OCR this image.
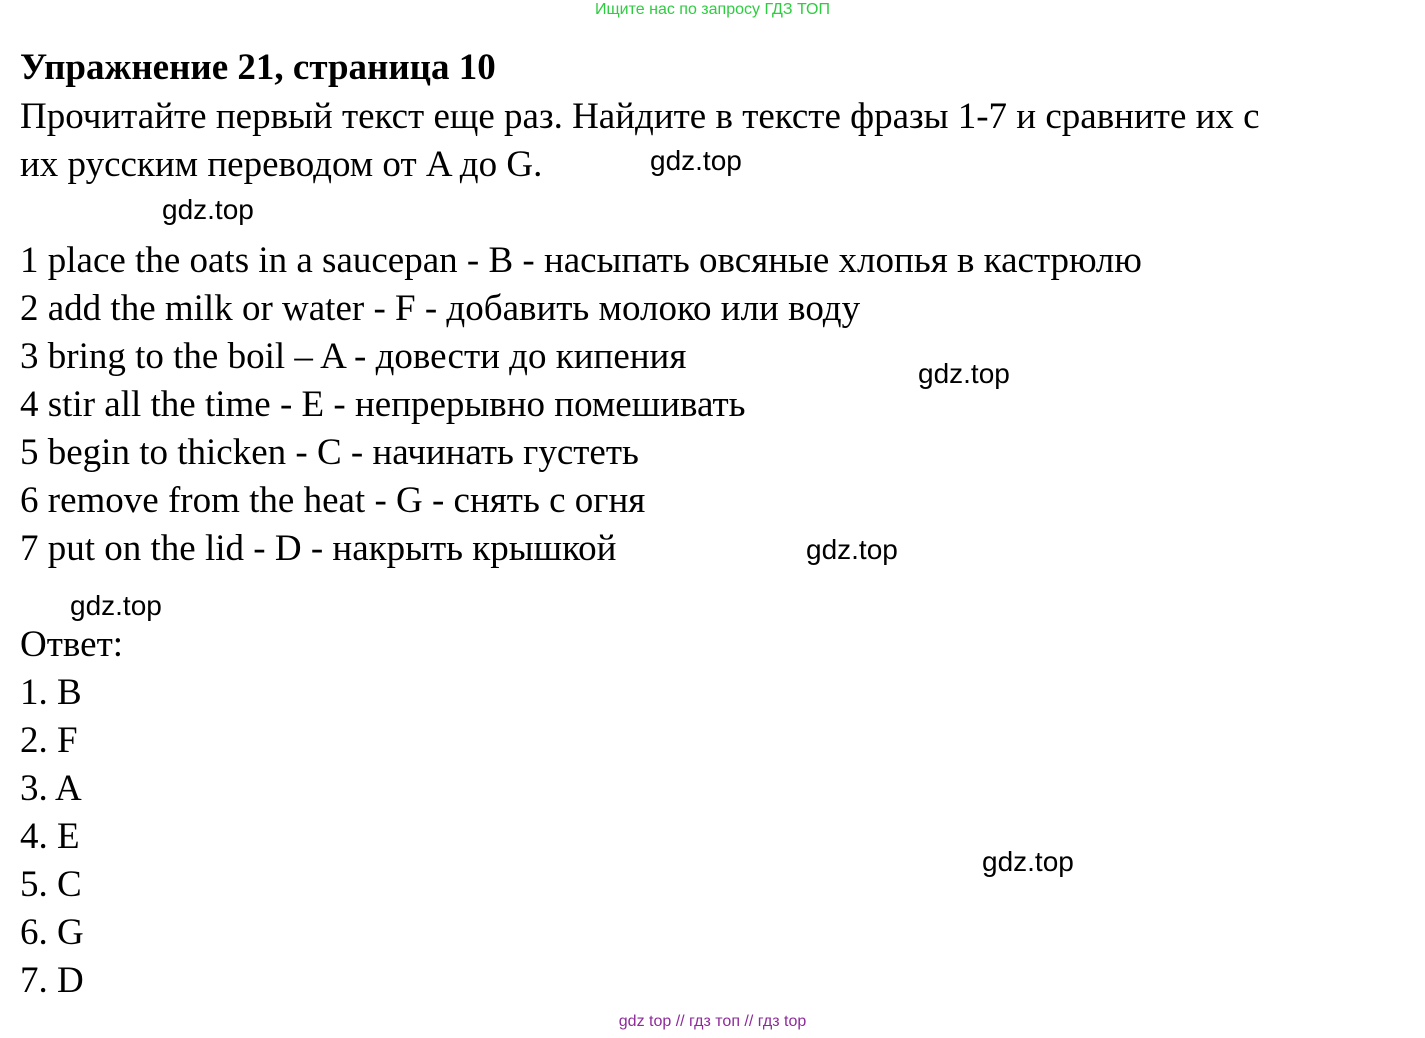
Ищите нас по запросу ГДЗ ТОП
Упражнение 21, страница 10
Прочитайте первый текст еще раз. Найдите в тексте фразы 1-7 и сравните их с
их русским переводом от A до G.
1 place the oats in a saucepan - B - насыпать овсяные хлопья в кастрюлю
2 add the milk or water - F - добавить молоко или воду
3 bring to the boil – A - довести до кипения
4 stir all the time - E - непрерывно помешивать
5 begin to thicken - C - начинать густеть
6 remove from the heat - G - снять с огня
7 put on the lid - D - накрыть крышкой
Ответ:
1. B
2. F
3. A
4. E
5. C
6. G
7. D
gdz.top
gdz.top
gdz.top
gdz.top
gdz.top
gdz.top
gdz top // гдз топ // гдз top
